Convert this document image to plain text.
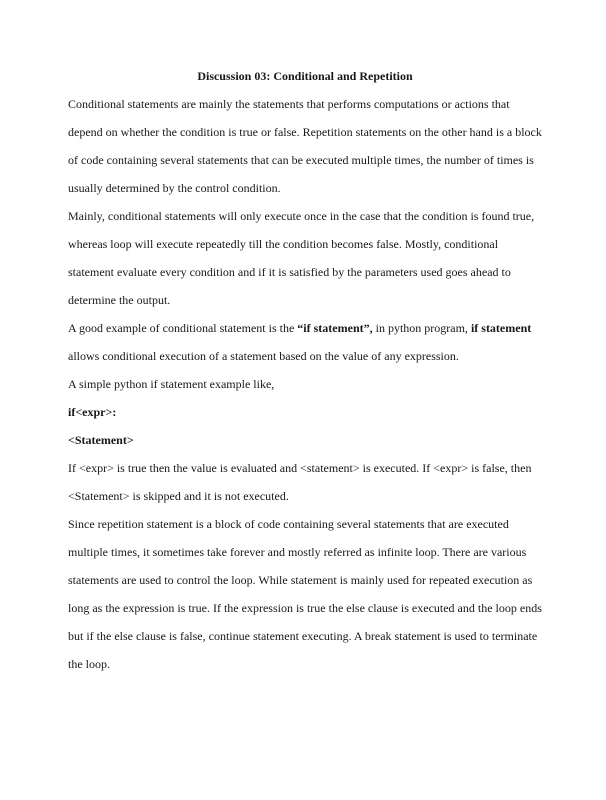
Discussion 03: Conditional and Repetition

Conditional statements are mainly the statements that performs computations or actions that depend on whether the condition is true or false. Repetition statements on the other hand is a block of code containing several statements that can be executed multiple times, the number of times is usually determined by the control condition.

Mainly, conditional statements will only execute once in the case that the condition is found true, whereas loop will execute repeatedly till the condition becomes false. Mostly, conditional statement evaluate every condition and if it is satisfied by the parameters used goes ahead to determine the output.

A good example of conditional statement is the “if statement”, in python program, if statement allows conditional execution of a statement based on the value of any expression.

A simple python if statement example like,

if<expr>:

<Statement>

If <expr> is true then the value is evaluated and <statement> is executed. If <expr> is false, then <Statement> is skipped and it is not executed.

Since repetition statement is a block of code containing several statements that are executed multiple times, it sometimes take forever and mostly referred as infinite loop. There are various statements are used to control the loop. While statement is mainly used for repeated execution as long as the expression is true. If the expression is true the else clause is executed and the loop ends but if the else clause is false, continue statement executing. A break statement is used to terminate the loop.
